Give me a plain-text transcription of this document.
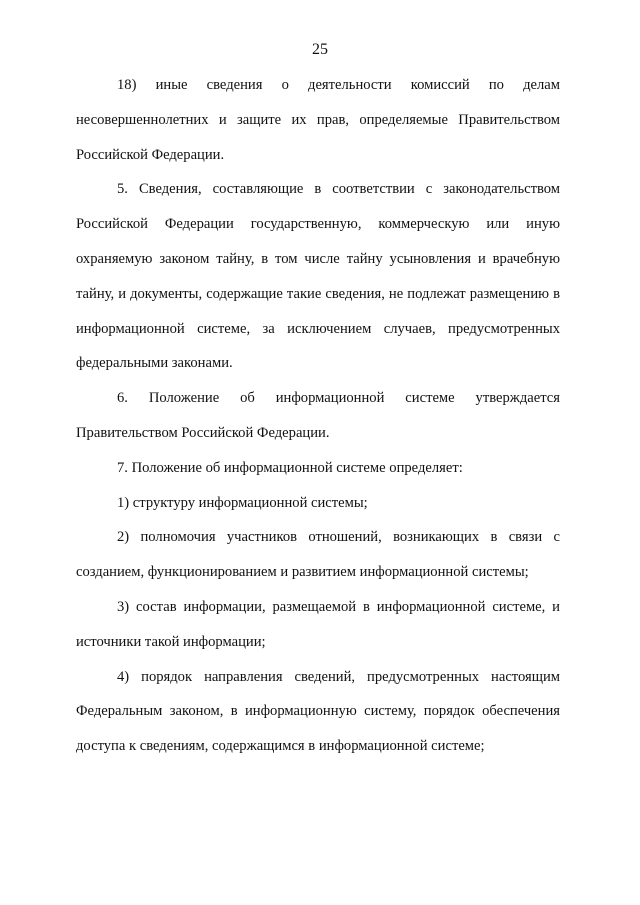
25

18) иные сведения о деятельности комиссий по делам несовершеннолетних и защите их прав, определяемые Правительством Российской Федерации.

5. Сведения, составляющие в соответствии с законодательством Российской Федерации государственную, коммерческую или иную охраняемую законом тайну, в том числе тайну усыновления и врачебную тайну, и документы, содержащие такие сведения, не подлежат размещению в информационной системе, за исключением случаев, предусмотренных федеральными законами.

6. Положение об информационной системе утверждается Правительством Российской Федерации.

7. Положение об информационной системе определяет:

1) структуру информационной системы;

2) полномочия участников отношений, возникающих в связи с созданием, функционированием и развитием информационной системы;

3) состав информации, размещаемой в информационной системе, и источники такой информации;

4) порядок направления сведений, предусмотренных настоящим Федеральным законом, в информационную систему, порядок обеспечения доступа к сведениям, содержащимся в информационной системе;
